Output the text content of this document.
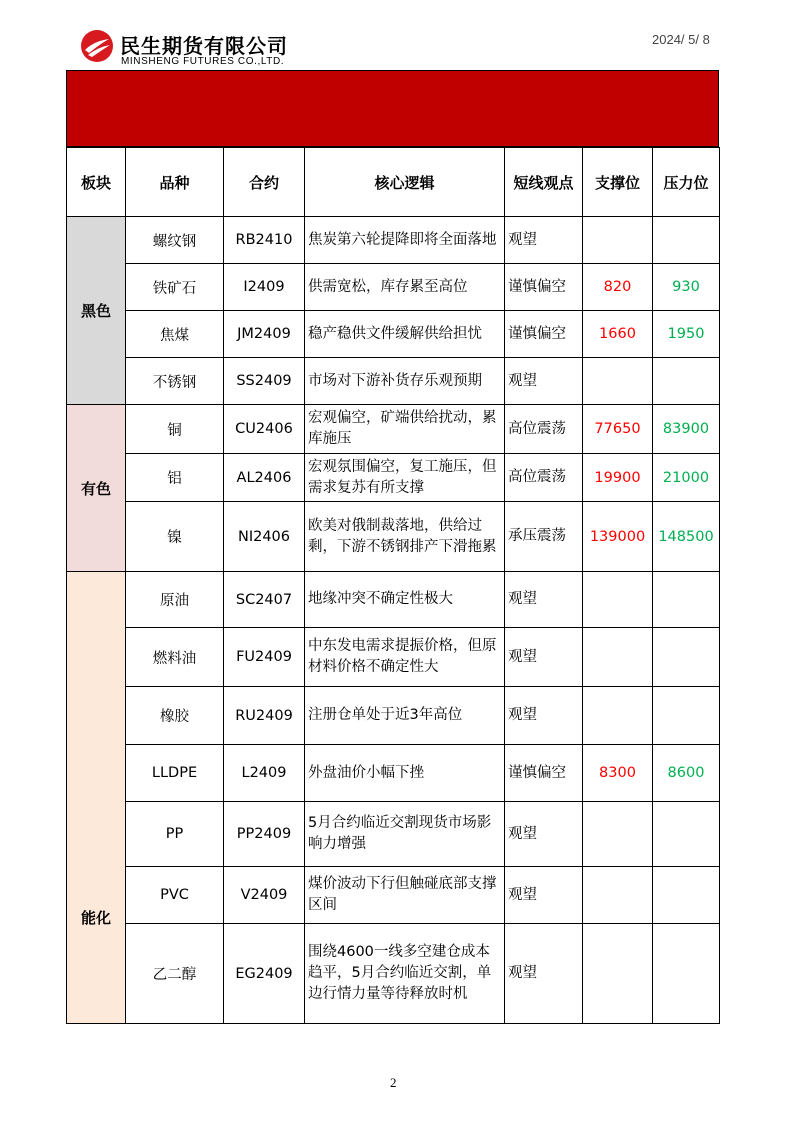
民生期货有限公司
MINSHENG FUTURES CO.,LTD.
2024/ 5/ 8
板块	品种	合约	核心逻辑	短线观点	支撑位	压力位
黑色	螺纹钢	RB2410	焦炭第六轮提降即将全面落地	观望		
	铁矿石	I2409	供需宽松，库存累至高位	谨慎偏空	820	930
	焦煤	JM2409	稳产稳供文件缓解供给担忧	谨慎偏空	1660	1950
	不锈钢	SS2409	市场对下游补货存乐观预期	观望		
有色	铜	CU2406	宏观偏空，矿端供给扰动，累库施压	高位震荡	77650	83900
	铝	AL2406	宏观氛围偏空，复工施压，但需求复苏有所支撑	高位震荡	19900	21000
	镍	NI2406	欧美对俄制裁落地，供给过剩，下游不锈钢排产下滑拖累	承压震荡	139000	148500
能化	原油	SC2407	地缘冲突不确定性极大	观望		
	燃料油	FU2409	中东发电需求提振价格，但原材料价格不确定性大	观望		
	橡胶	RU2409	注册仓单处于近3年高位	观望		
	LLDPE	L2409	外盘油价小幅下挫	谨慎偏空	8300	8600
	PP	PP2409	5月合约临近交割现货市场影响力增强	观望		
	PVC	V2409	煤价波动下行但触碰底部支撑区间	观望		
	乙二醇	EG2409	围绕4600一线多空建仓成本趋平，5月合约临近交割，单边行情力量等待释放时机	观望		
2
